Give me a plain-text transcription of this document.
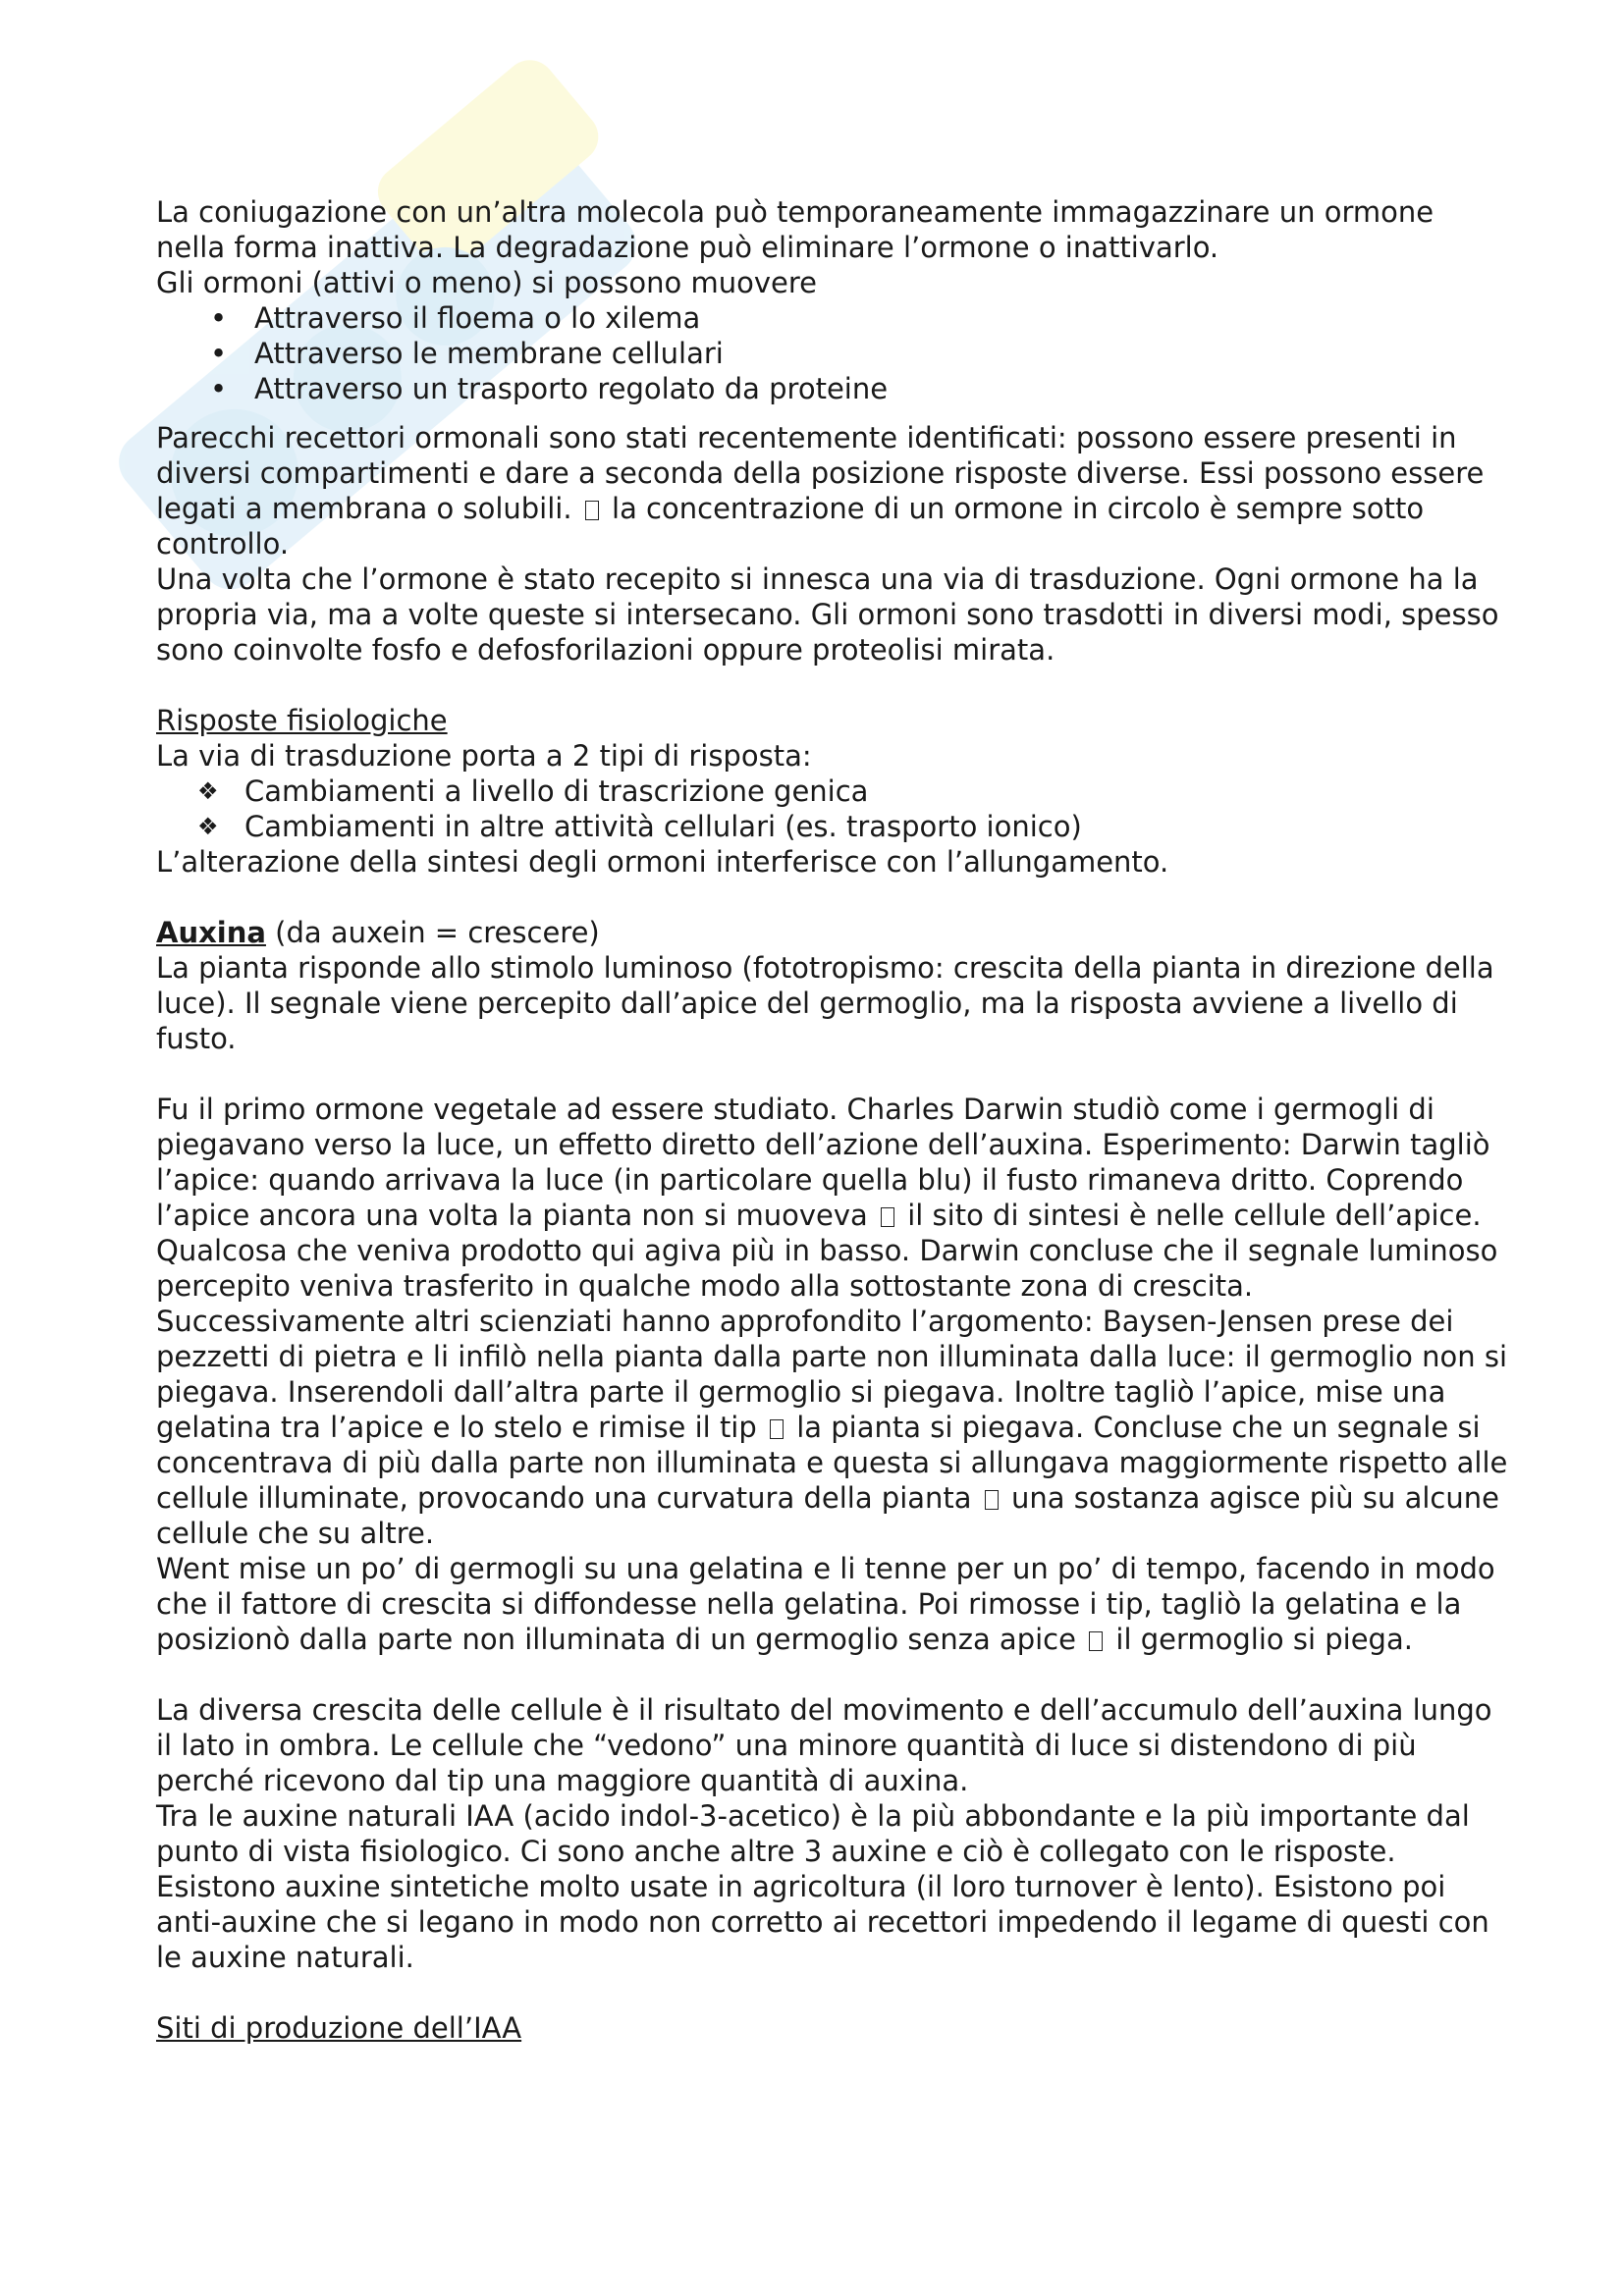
La coniugazione con un’altra molecola può temporaneamente immagazzinare un ormone nella forma inattiva. La degradazione può eliminare l’ormone o inattivarlo.

Gli ormoni (attivi o meno) si possono muovere

• Attraverso il floema o lo xilema
• Attraverso le membrane cellulari
• Attraverso un trasporto regolato da proteine

Parecchi recettori ormonali sono stati recentemente identificati: possono essere presenti in diversi compartimenti e dare a seconda della posizione risposte diverse. Essi possono essere legati a membrana o solubili. la concentrazione di un ormone in circolo è sempre sotto controllo.

Una volta che l’ormone è stato recepito si innesca una via di trasduzione. Ogni ormone ha la propria via, ma a volte queste si intersecano. Gli ormoni sono trasdotti in diversi modi, spesso sono coinvolte fosfo e defosforilazioni oppure proteolisi mirata.

Risposte fisiologiche

La via di trasduzione porta a 2 tipi di risposta:

❖ Cambiamenti a livello di trascrizione genica
❖ Cambiamenti in altre attività cellulari (es. trasporto ionico)

L’alterazione della sintesi degli ormoni interferisce con l’allungamento.

Auxina (da auxein = crescere)

La pianta risponde allo stimolo luminoso (fototropismo: crescita della pianta in direzione della luce). Il segnale viene percepito dall’apice del germoglio, ma la risposta avviene a livello di fusto.

Fu il primo ormone vegetale ad essere studiato. Charles Darwin studiò come i germogli di piegavano verso la luce, un effetto diretto dell’azione dell’auxina. Esperimento: Darwin tagliò l’apice: quando arrivava la luce (in particolare quella blu) il fusto rimaneva dritto. Coprendo l’apice ancora una volta la pianta non si muoveva il sito di sintesi è nelle cellule dell’apice. Qualcosa che veniva prodotto qui agiva più in basso. Darwin concluse che il segnale luminoso percepito veniva trasferito in qualche modo alla sottostante zona di crescita.

Successivamente altri scienziati hanno approfondito l’argomento: Baysen-Jensen prese dei pezzetti di pietra e li infilò nella pianta dalla parte non illuminata dalla luce: il germoglio non si piegava. Inserendoli dall’altra parte il germoglio si piegava. Inoltre tagliò l’apice, mise una gelatina tra l’apice e lo stelo e rimise il tip la pianta si piegava. Concluse che un segnale si concentrava di più dalla parte non illuminata e questa si allungava maggiormente rispetto alle cellule illuminate, provocando una curvatura della pianta una sostanza agisce più su alcune cellule che su altre.

Went mise un po’ di germogli su una gelatina e li tenne per un po’ di tempo, facendo in modo che il fattore di crescita si diffondesse nella gelatina. Poi rimosse i tip, tagliò la gelatina e la posizionò dalla parte non illuminata di un germoglio senza apice il germoglio si piega.

La diversa crescita delle cellule è il risultato del movimento e dell’accumulo dell’auxina lungo il lato in ombra. Le cellule che “vedono” una minore quantità di luce si distendono di più perché ricevono dal tip una maggiore quantità di auxina.

Tra le auxine naturali IAA (acido indol-3-acetico) è la più abbondante e la più importante dal punto di vista fisiologico. Ci sono anche altre 3 auxine e ciò è collegato con le risposte. Esistono auxine sintetiche molto usate in agricoltura (il loro turnover è lento). Esistono poi anti-auxine che si legano in modo non corretto ai recettori impedendo il legame di questi con le auxine naturali.

Siti di produzione dell’IAA
